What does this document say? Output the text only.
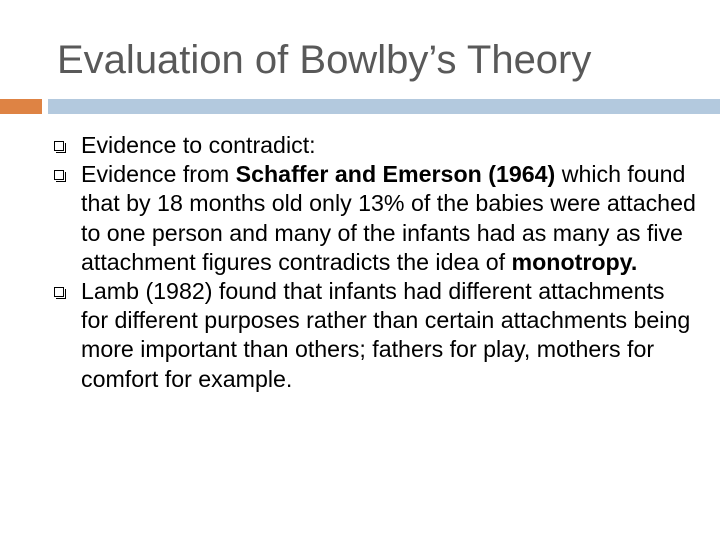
Evaluation of Bowlby’s Theory
Evidence to contradict:
Evidence from Schaffer and Emerson (1964) which found that by 18 months old only 13% of the babies were attached to one person and many of the infants had as many as five attachment figures contradicts the idea of monotropy.
Lamb (1982) found that infants had different attachments for different purposes rather than certain attachments being more important than others; fathers for play, mothers for comfort for example.
